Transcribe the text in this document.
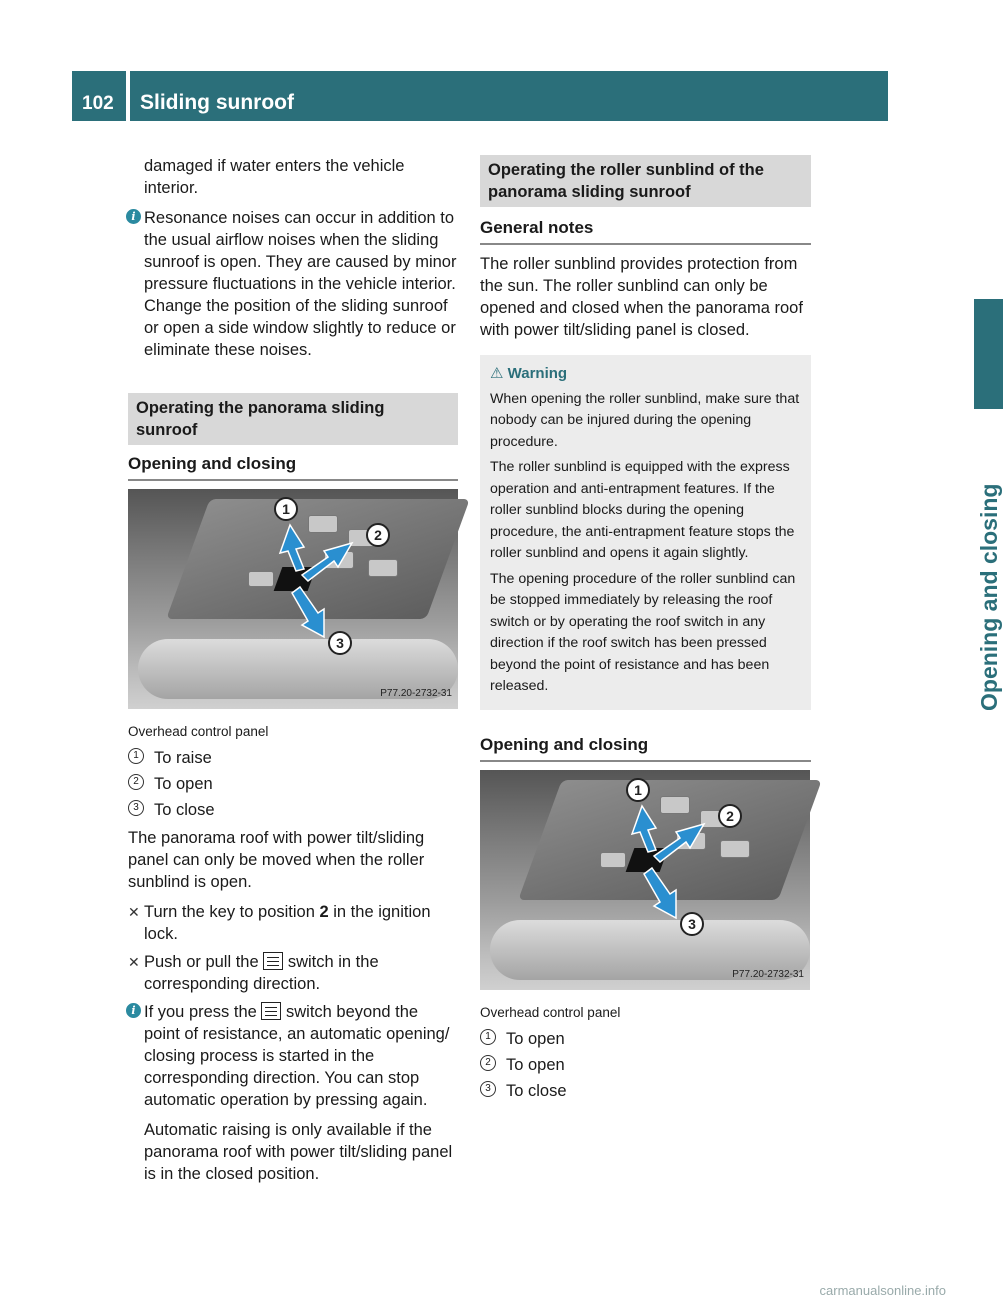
102 Sliding sunroof
Opening and closing

damaged if water enters the vehicle interior.

i Resonance noises can occur in addition to the usual airflow noises when the sliding sunroof is open. They are caused by minor pressure fluctuations in the vehicle interior. Change the position of the sliding sunroof or open a side window slightly to reduce or eliminate these noises.

Operating the panorama sliding sunroof
Opening and closing
1
2
3
P77.20-2732-31
Overhead control panel
1 To raise
2 To open
3 To close

The panorama roof with power tilt/sliding panel can only be moved when the roller sunblind is open.

✕ Turn the key to position 2 in the ignition lock.
✕ Push or pull the
switch in the corresponding direction.
i If you press the
switch beyond the point of resistance, an automatic opening/ closing process is started in the corresponding direction. You can stop automatic operation by pressing again.

Automatic raising is only available if the panorama roof with power tilt/sliding panel is in the closed position.

Operating the roller sunblind of the panorama sliding sunroof
General notes

The roller sunblind provides protection from the sun. The roller sunblind can only be opened and closed when the panorama roof with power tilt/sliding panel is closed.

⚠ Warning

When opening the roller sunblind, make sure that nobody can be injured during the opening procedure.

The roller sunblind is equipped with the express operation and anti-entrapment features. If the roller sunblind blocks during the opening procedure, the anti-entrapment feature stops the roller sunblind and opens it again slightly.

The opening procedure of the roller sunblind can be stopped immediately by releasing the roof switch or by operating the roof switch in any direction if the roof switch has been pressed beyond the point of resistance and has been released.

Opening and closing
1
2
3
P77.20-2732-31
Overhead control panel
1 To open
2 To open
3 To close
carmanualsonline.info
